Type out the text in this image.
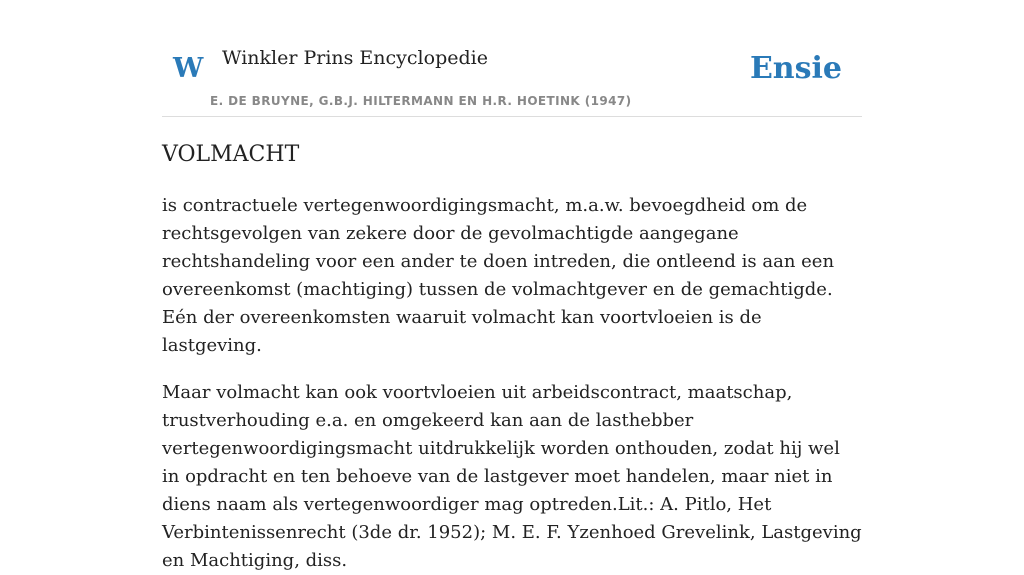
W Winkler Prins Encyclopedie
E. DE BRUYNE, G.B.J. HILTERMANN EN H.R. HOETINK (1947)
Ensie
VOLMACHT

is contractuele vertegenwoordigingsmacht, m.a.w. bevoegdheid om de rechtsgevolgen van zekere door de gevolmachtigde aangegane rechtshandeling voor een ander te doen intreden, die ontleend is aan een overeenkomst (machtiging) tussen de volmachtgever en de gemachtigde. Eén der overeenkomsten waaruit volmacht kan voortvloeien is de lastgeving.

Maar volmacht kan ook voortvloeien uit arbeidscontract, maatschap, trustverhouding e.a. en omgekeerd kan aan de lasthebber vertegenwoordigingsmacht uitdrukkelijk worden onthouden, zodat hij wel in opdracht en ten behoeve van de lastgever moet handelen, maar niet in diens naam als vertegenwoordiger mag optreden.Lit.: A. Pitlo, Het Verbintenissenrecht (3de dr. 1952); M. E. F. Yzenhoed Grevelink, Lastgeving en Machtiging, diss.
